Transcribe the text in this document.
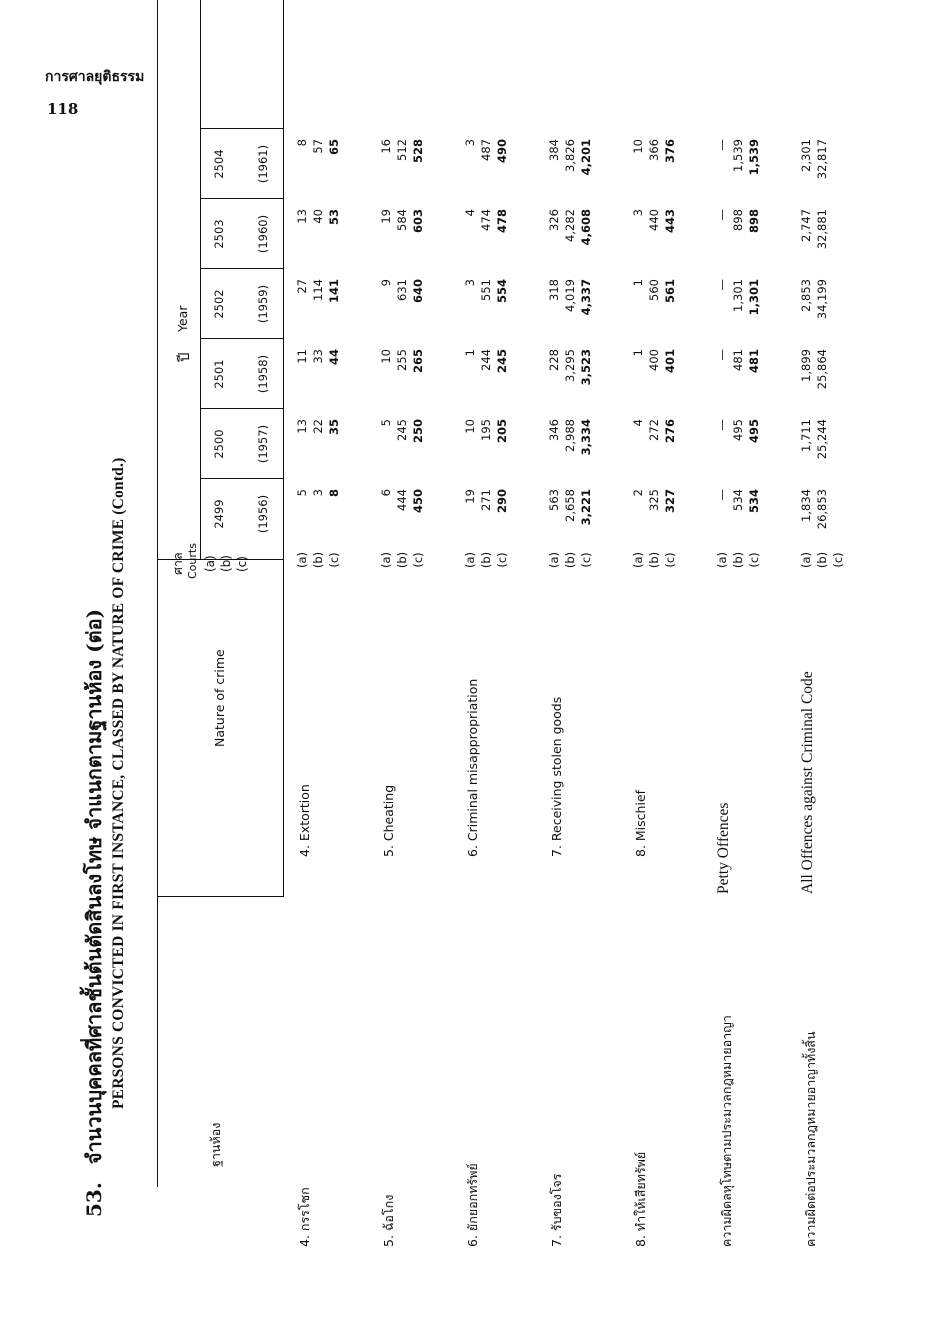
การศาลยุติธรรม
118
53.จำนวนบุคคลที่ศาลชั้นต้นตัดสินลงโทษ จำแนกตามฐานห้อง (ต่อ) PERSONS CONVICTED IN FIRST INSTANCE, CLASSED BY NATURE OF CRIME (Contd.)
ฐานห้อง
Nature of crime
ศาล Courts (a) (b) (c)
ปี
Year
2499
2500
2501
2502
2503
2504
(1956)
(1957)
(1958)
(1959)
(1960)
(1961)
4. กรรโชก
4. Extortion
(a) (b) (c)
5 3 8
13 22 35
11 33 44
27 114 141
13 40 53
8 57 65
5. ฉ้อโกง
5. Cheating
(a) (b) (c)
6 444 450
5 245 250
10 255 265
9 631 640
19 584 603
16 512 528
6. ยักยอกทรัพย์
6. Criminal misappropriation
(a) (b) (c)
19 271 290
10 195 205
1 244 245
3 551 554
4 474 478
3 487 490
7. รับของโจร
7. Receiving stolen goods
(a) (b) (c)
563 2,658 3,221
346 2,988 3,334
228 3,295 3,523
318 4,019 4,337
326 4,282 4,608
384 3,826 4,201
8. ทำให้เสียทรัพย์
8. Mischief
(a) (b) (c)
2 325 327
4 272 276
1 400 401
1 560 561
3 440 443
10 366 376
ความผิดลหุโทษตามประมวลกฎหมายอาญา
Petty Offences
(a) (b) (c)
— 534 534
— 495 495
— 481 481
— 1,301 1,301
— 898 898
— 1,539 1,539
ความผิดต่อประมวลกฎหมายอาญาทั้งสิ้น
All Offences against Criminal Code
(a) (b) (c)
1,834 26,853
1,711 25,244
1,899 25,864
2,853 34,199
2,747 32,881
2,301 32,817
